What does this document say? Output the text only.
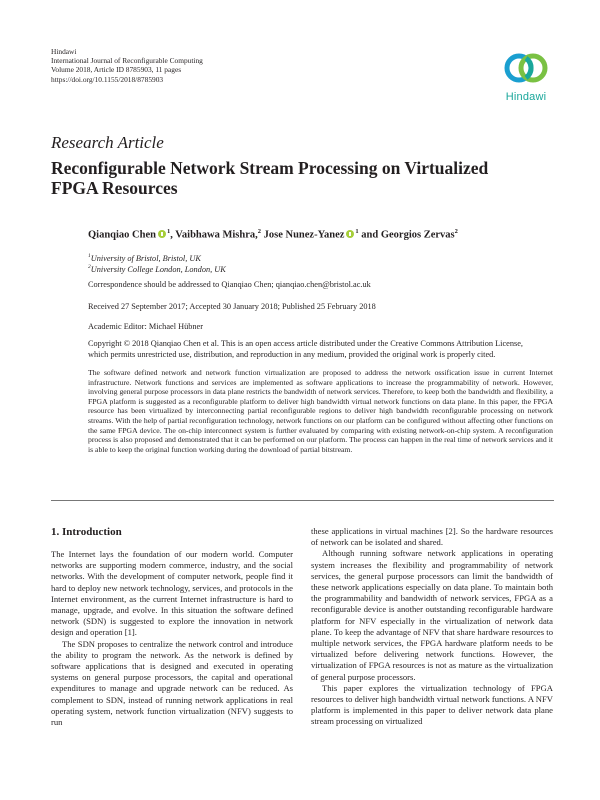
Hindawi
International Journal of Reconfigurable Computing
Volume 2018, Article ID 8785903, 11 pages
https://doi.org/10.1155/2018/8785903
Hindawi
Research Article
Reconfigurable Network Stream Processing on Virtualized FPGA Resources
Qianqiao Chen $^1$, Vaibhawa Mishra,$^2$ Jose Nunez-Yanez $^1$ and Georgios Zervas$^2$
$^1$University of Bristol, Bristol, UK
$^2$University College London, London, UK
Correspondence should be addressed to Qianqiao Chen; qianqiao.chen@bristol.ac.uk
Received 27 September 2017; Accepted 30 January 2018; Published 25 February 2018
Academic Editor: Michael Hübner
Copyright © 2018 Qianqiao Chen et al. This is an open access article distributed under the Creative Commons Attribution License,
which permits unrestricted use, distribution, and reproduction in any medium, provided the original work is properly cited.
The software defined network and network function virtualization are proposed to address the network ossification issue in current Internet infrastructure. Network functions and services are implemented as software applications to increase the programmability of network. However, involving general purpose processors in data plane restricts the bandwidth of network services. Therefore, to keep both the bandwidth and flexibility, a FPGA platform is suggested as a reconfigurable platform to deliver high bandwidth virtual network functions on data plane. In this paper, the FPGA resource has been virtualized by interconnecting partial reconfigurable regions to deliver high bandwidth reconfigurable processing on network streams. With the help of partial reconfiguration technology, network functions on our platform can be configured without affecting other functions on the same FPGA device. The on-chip interconnect system is further evaluated by comparing with existing network-on-chip system. A reconfiguration process is also proposed and demonstrated that it can be performed on our platform. The process can happen in the real time of network services and it is able to keep the original function working during the download of partial bitstream.
1. Introduction

The Internet lays the foundation of our modern world. Computer networks are supporting modern commerce, industry, and the social networks. With the development of computer network, people find it hard to deploy new network technology, services, and protocols in the Internet environment, as the current Internet infrastructure is hard to manage, upgrade, and evolve. In this situation the software defined network (SDN) is suggested to explore the innovation in network design and operation [1].

The SDN proposes to centralize the network control and introduce the ability to program the network. As the network is defined by software applications that is designed and executed in operating systems on general purpose processors, the capital and operational expenditures to manage and upgrade network can be reduced. As complement to SDN, instead of running network applications in real operating system, network function virtualization (NFV) suggests to run

these applications in virtual machines [2]. So the hardware resources of network can be isolated and shared.

Although running software network applications in operating system increases the flexibility and programmability of network services, the general purpose processors can limit the bandwidth of these network applications especially on data plane. To maintain both the programmability and bandwidth of network services, FPGA as a reconfigurable device is another outstanding reconfigurable hardware platform for NFV especially in the virtualization of network data plane. To keep the advantage of NFV that share hardware resources to multiple network services, the FPGA hardware platform needs to be virtualized before delivering network functions. However, the virtualization of FPGA resources is not as mature as the virtualization of general purpose processors.

This paper explores the virtualization technology of FPGA resources to deliver high bandwidth virtual network functions. A NFV platform is implemented in this paper to deliver network data plane stream processing on virtualized
